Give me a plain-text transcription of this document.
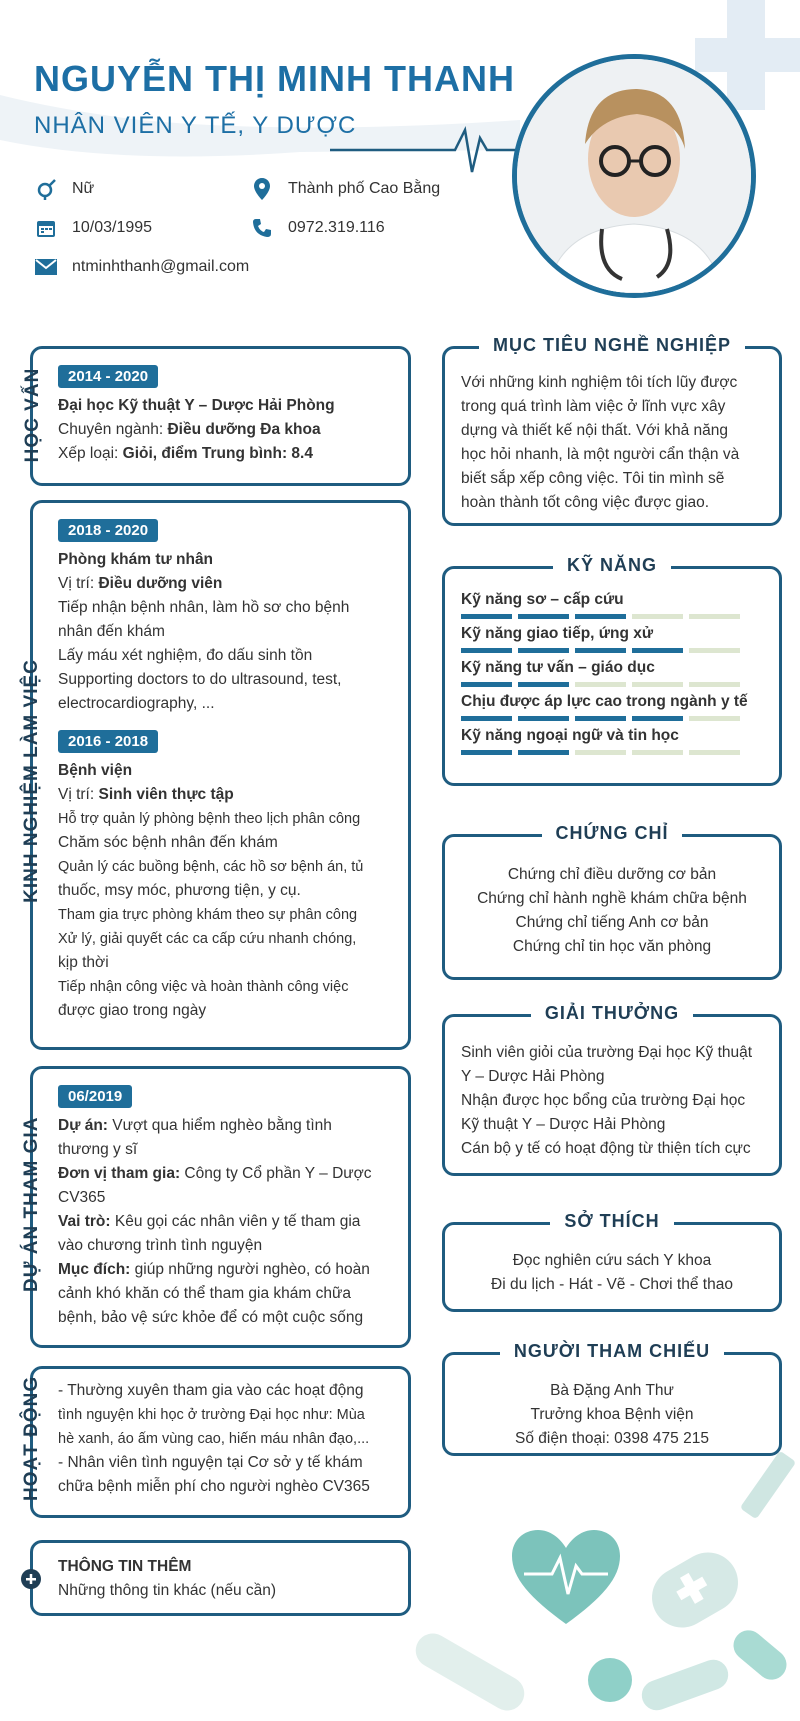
NGUYỄN THỊ MINH THANH
NHÂN VIÊN Y TẾ, Y DƯỢC
Nữ	Thành phố Cao Bằng
10/03/1995	0972.319.116
ntminhthanh@gmail.com
2014 - 2020
Đại học Kỹ thuật Y – Dược Hải Phòng
Chuyên ngành: Điều dưỡng Đa khoa
Xếp loại: Giỏi, điểm Trung bình: 8.4
HỌC VẤN
2018 - 2020
Phòng khám tư nhân
Vị trí: Điều dưỡng viên
Tiếp nhận bệnh nhân, làm hồ sơ cho bệnh
nhân đến khám
Lấy máu xét nghiệm, đo dấu sinh tồn
Supporting doctors to do ultrasound, test,
electrocardiography, ...
2016 - 2018
Bệnh viện
Vị trí: Sinh viên thực tập
Hỗ trợ quản lý phòng bệnh theo lịch phân công
Chăm sóc bệnh nhân đến khám
Quản lý các buồng bệnh, các hồ sơ bệnh án, tủ
thuốc, msy móc, phương tiện, y cụ.
Tham gia trực phòng khám theo sự phân công
Xử lý, giải quyết các ca cấp cứu nhanh chóng,
kịp thời
Tiếp nhận công việc và hoàn thành công việc
được giao trong ngày
KINH NGHIỆM LÀM VIỆC
06/2019
Dự án: Vượt qua hiểm nghèo bằng tình
thương y sĩ
Đơn vị tham gia: Công ty Cổ phần Y – Dược
CV365
Vai trò: Kêu gọi các nhân viên y tế tham gia
vào chương trình tình nguyện
Mục đích: giúp những người nghèo, có hoàn
cảnh khó khăn có thể tham gia khám chữa
bệnh, bảo vệ sức khỏe để có một cuộc sống
DỰ ÁN THAM GIA
- Thường xuyên tham gia vào các hoạt động
tình nguyện khi học ở trường Đại học như: Mùa
hè xanh, áo ấm vùng cao, hiến máu nhân đạo,...
- Nhân viên tình nguyện tại Cơ sở y tế khám
chữa bệnh miễn phí cho người nghèo CV365
HOẠT ĐỘNG
THÔNG TIN THÊM
Những thông tin khác (nếu cần)
MỤC TIÊU NGHỀ NGHIỆP
Với những kinh nghiệm tôi tích lũy được
trong quá trình làm việc ở lĩnh vực xây
dựng và thiết kế nội thất. Với khả năng
học hỏi nhanh, là một người cẩn thận và
biết sắp xếp công việc. Tôi tin mình sẽ
hoàn thành tốt công việc được giao.
KỸ NĂNG
Kỹ năng sơ – cấp cứu
Kỹ năng giao tiếp, ứng xử
Kỹ năng tư vấn – giáo dục
Chịu được áp lực cao trong ngành y tế
Kỹ năng ngoại ngữ và tin học
CHỨNG CHỈ
Chứng chỉ điều dưỡng cơ bản
Chứng chỉ hành nghề khám chữa bệnh
Chứng chỉ tiếng Anh cơ bản
Chứng chỉ tin học văn phòng
GIẢI THƯỞNG
Sinh viên giỏi của trường Đại học Kỹ thuật
Y – Dược Hải Phòng
Nhận được học bổng của trường Đại học
Kỹ thuật Y – Dược Hải Phòng
Cán bộ y tế có hoạt động từ thiện tích cực
SỞ THÍCH
Đọc nghiên cứu sách Y khoa
Đi du lịch - Hát - Vẽ - Chơi thể thao
NGƯỜI THAM CHIẾU
Bà Đặng Anh Thư
Trưởng khoa Bệnh viện
Số điện thoại: 0398 475 215
